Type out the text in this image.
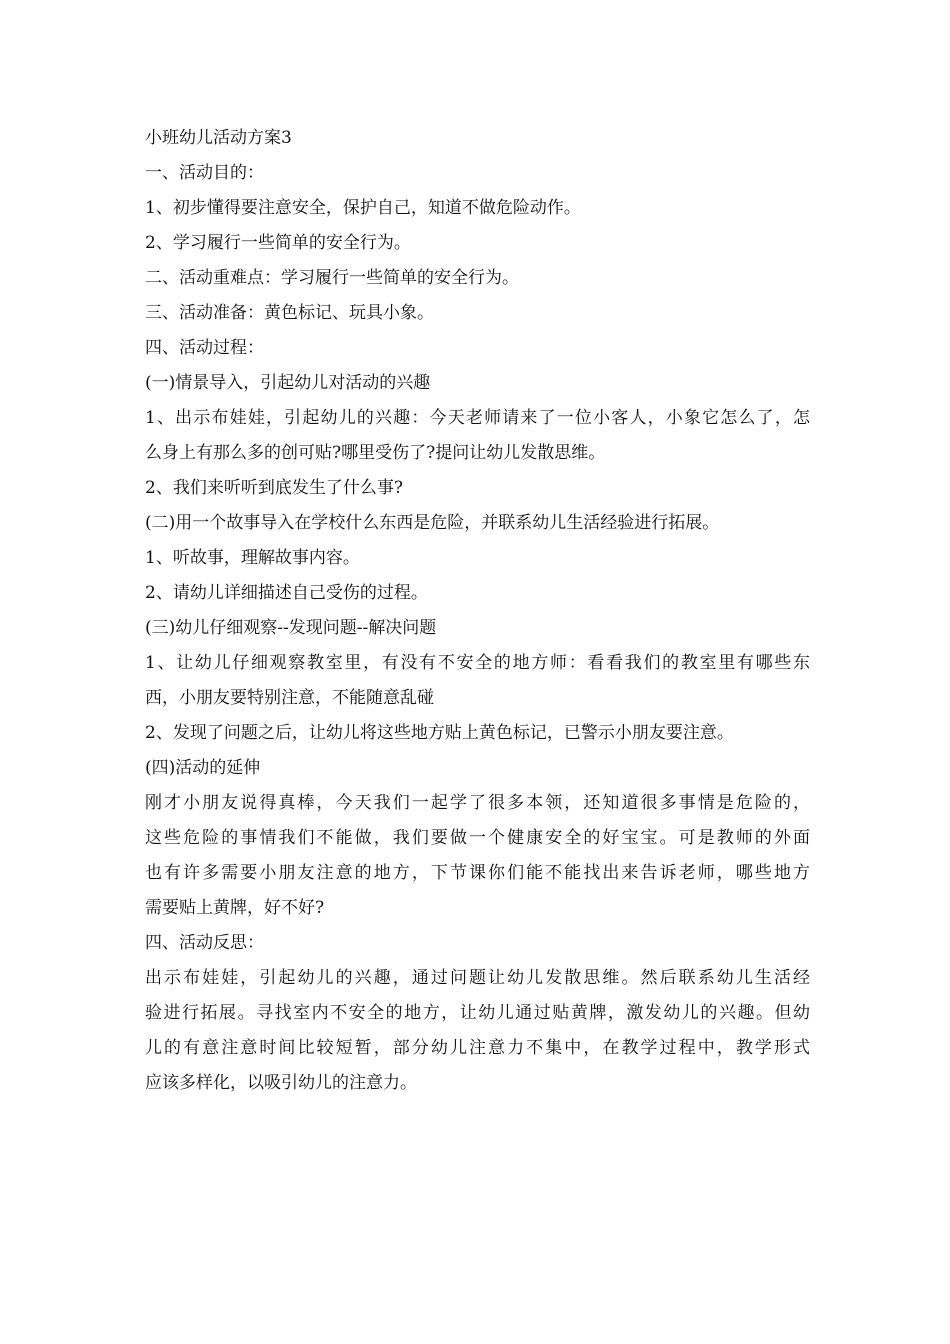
小班幼儿活动方案3
一、活动目的：
1、初步懂得要注意安全，保护自己，知道不做危险动作。
2、学习履行一些简单的安全行为。
二、活动重难点：学习履行一些简单的安全行为。
三、活动准备：黄色标记、玩具小象。
四、活动过程：
(一)情景导入，引起幼儿对活动的兴趣
1、出示布娃娃，引起幼儿的兴趣：今天老师请来了一位小客人，小象它怎么了，怎
么身上有那么多的创可贴?哪里受伤了?提问让幼儿发散思维。
2、我们来听听到底发生了什么事?
(二)用一个故事导入在学校什么东西是危险，并联系幼儿生活经验进行拓展。
1、听故事，理解故事内容。
2、请幼儿详细描述自己受伤的过程。
(三)幼儿仔细观察--发现问题--解决问题
1、让幼儿仔细观察教室里，有没有不安全的地方师：看看我们的教室里有哪些东
西，小朋友要特别注意，不能随意乱碰
2、发现了问题之后，让幼儿将这些地方贴上黄色标记，已警示小朋友要注意。
(四)活动的延伸
刚才小朋友说得真棒，今天我们一起学了很多本领，还知道很多事情是危险的，
这些危险的事情我们不能做，我们要做一个健康安全的好宝宝。可是教师的外面
也有许多需要小朋友注意的地方，下节课你们能不能找出来告诉老师，哪些地方
需要贴上黄牌，好不好?
四、活动反思：
出示布娃娃，引起幼儿的兴趣，通过问题让幼儿发散思维。然后联系幼儿生活经
验进行拓展。寻找室内不安全的地方，让幼儿通过贴黄牌，激发幼儿的兴趣。但幼
儿的有意注意时间比较短暂，部分幼儿注意力不集中，在教学过程中，教学形式
应该多样化，以吸引幼儿的注意力。
